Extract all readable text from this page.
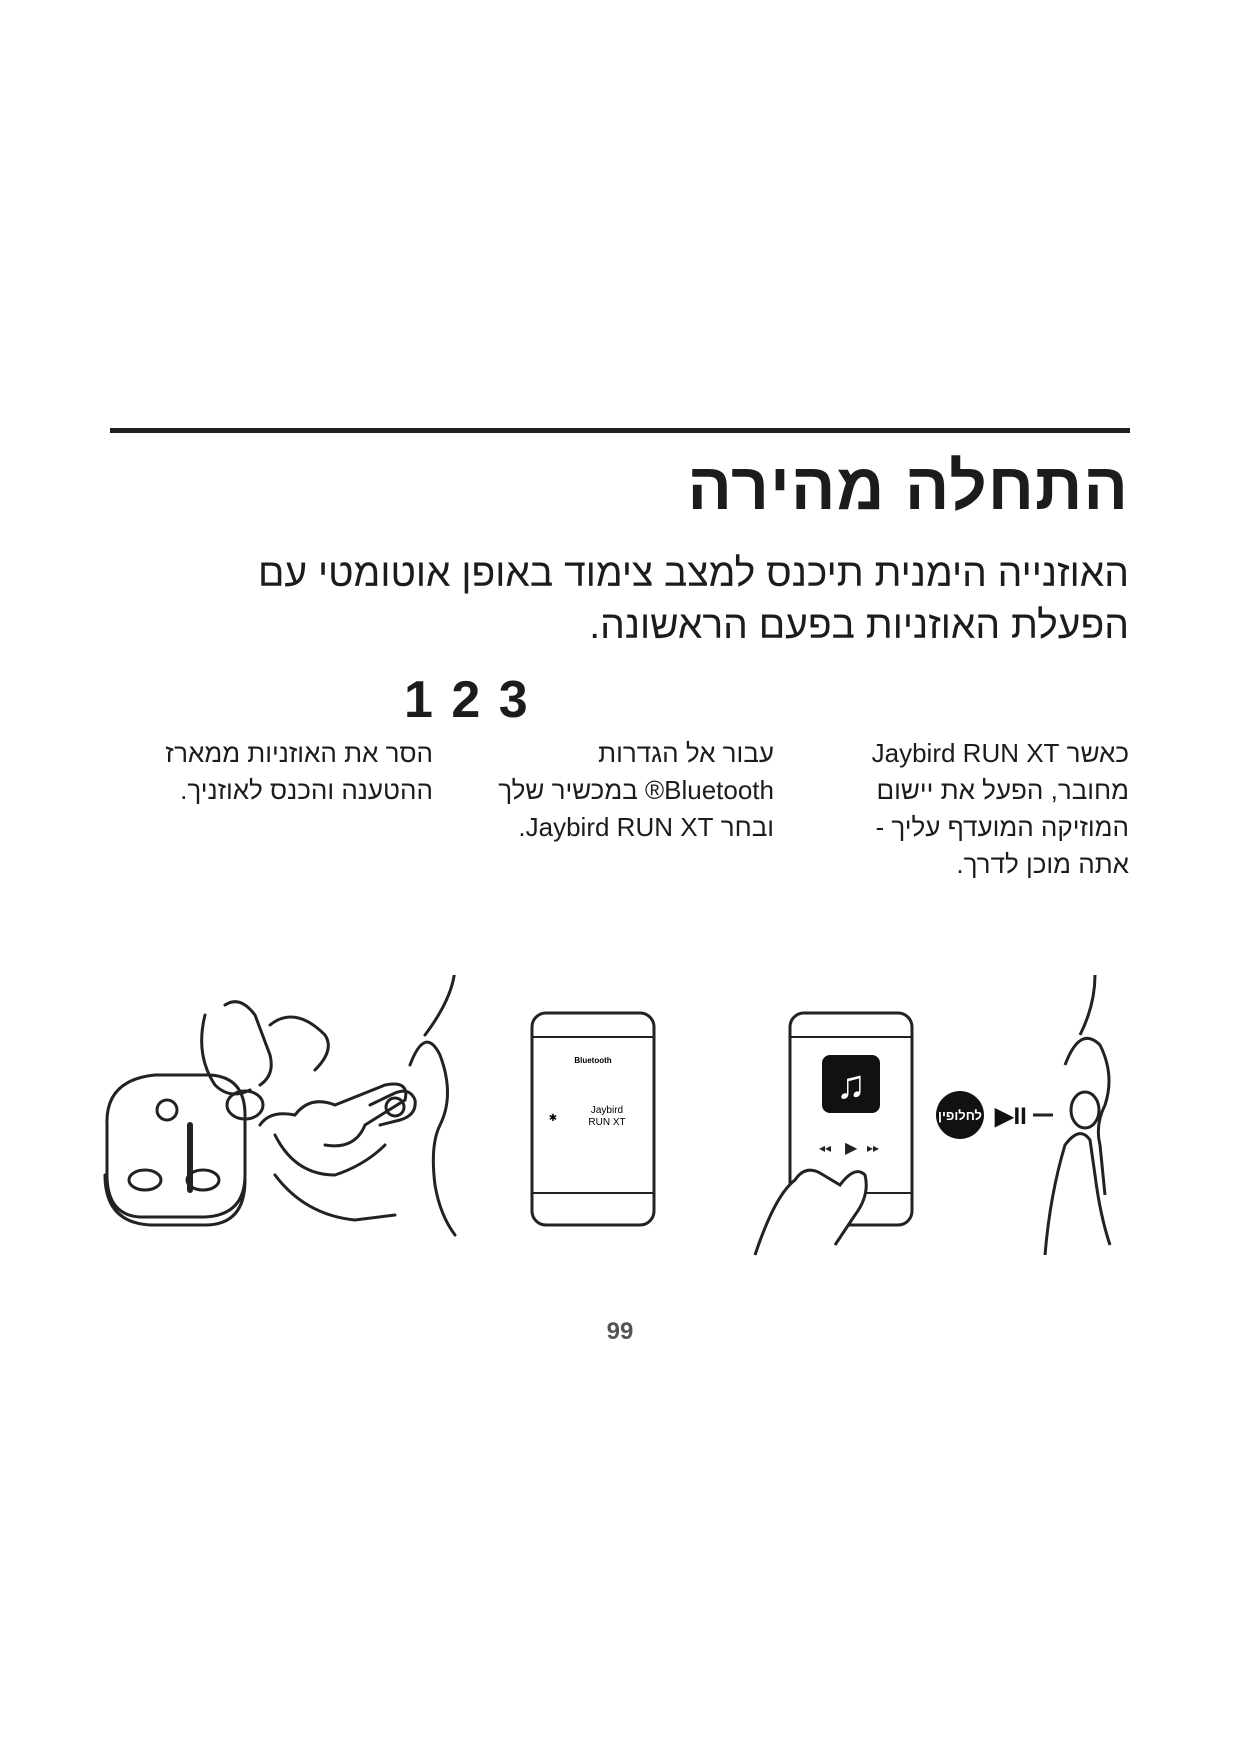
התחלה מהירה

האוזנייה הימנית תיכנס למצב צימוד באופן אוטומטי עם הפעלת האוזניות בפעם הראשונה.

1 2 3
כאשר Jaybird RUN XT מחובר, הפעל את יישום המוזיקה המועדף עליך - אתה מוכן לדרך.
עבור אל הגדרות Bluetooth® במכשיר שלך ובחר Jaybird RUN XT.
הסר את האוזניות ממארז ההטענה והכנס לאוזניך.
Bluetooth
✱
Jaybird
RUN XT
♫
◂◂ ▶ ▸▸
לחלופין ▶II
99
